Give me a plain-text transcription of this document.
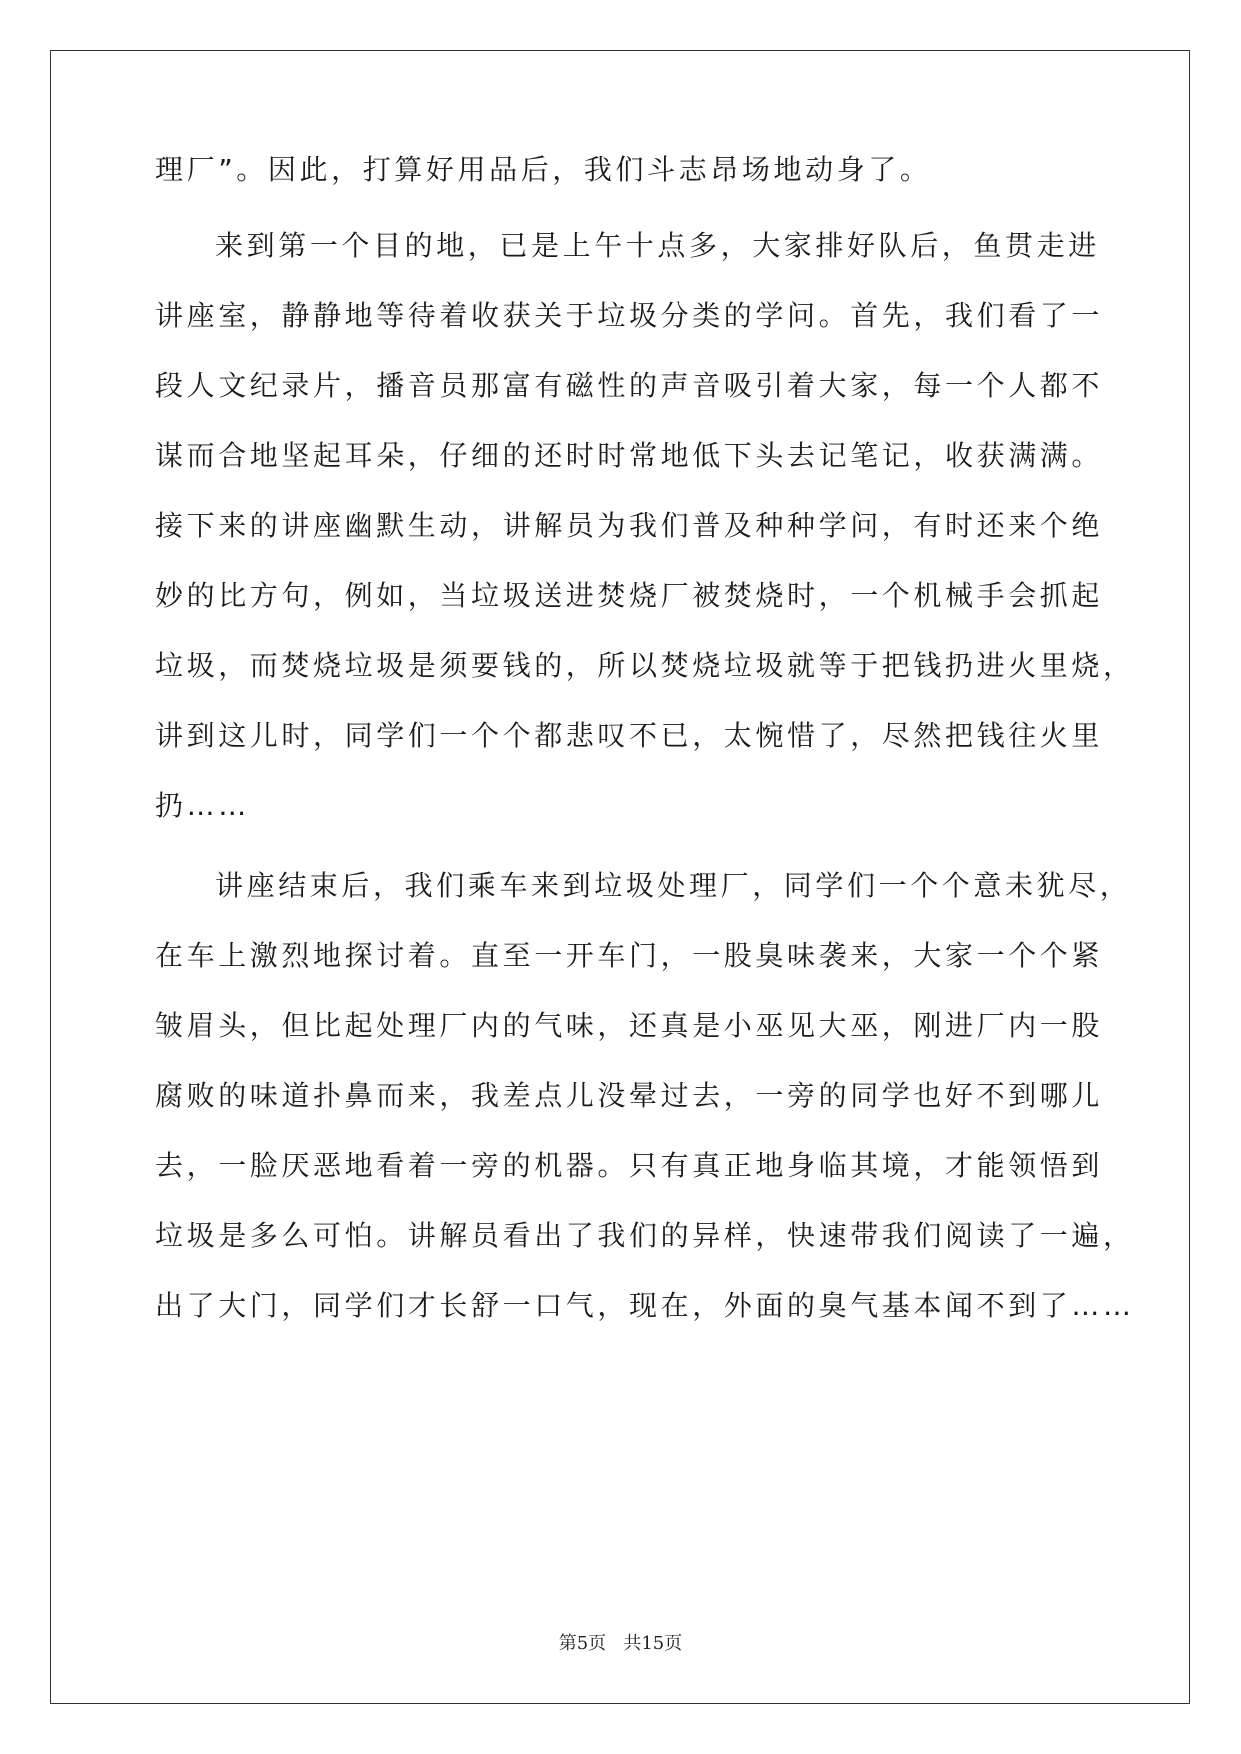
理厂”。因此，打算好用品后，我们斗志昂场地动身了。
来到第一个目的地，已是上午十点多，大家排好队后，鱼贯走进
讲座室，静静地等待着收获关于垃圾分类的学问。首先，我们看了一
段人文纪录片，播音员那富有磁性的声音吸引着大家，每一个人都不
谋而合地坚起耳朵，仔细的还时时常地低下头去记笔记，收获满满。
接下来的讲座幽默生动，讲解员为我们普及种种学问，有时还来个绝
妙的比方句，例如，当垃圾送进焚烧厂被焚烧时，一个机械手会抓起
垃圾，而焚烧垃圾是须要钱的，所以焚烧垃圾就等于把钱扔进火里烧，
讲到这儿时，同学们一个个都悲叹不已，太惋惜了，尽然把钱往火里
扔……
讲座结束后，我们乘车来到垃圾处理厂，同学们一个个意未犹尽，
在车上激烈地探讨着。直至一开车门，一股臭味袭来，大家一个个紧
皱眉头，但比起处理厂内的气味，还真是小巫见大巫，刚进厂内一股
腐败的味道扑鼻而来，我差点儿没晕过去，一旁的同学也好不到哪儿
去，一脸厌恶地看着一旁的机器。只有真正地身临其境，才能领悟到
垃圾是多么可怕。讲解员看出了我们的异样，快速带我们阅读了一遍，
出了大门，同学们才长舒一口气，现在，外面的臭气基本闻不到了……
第5页 共15页
